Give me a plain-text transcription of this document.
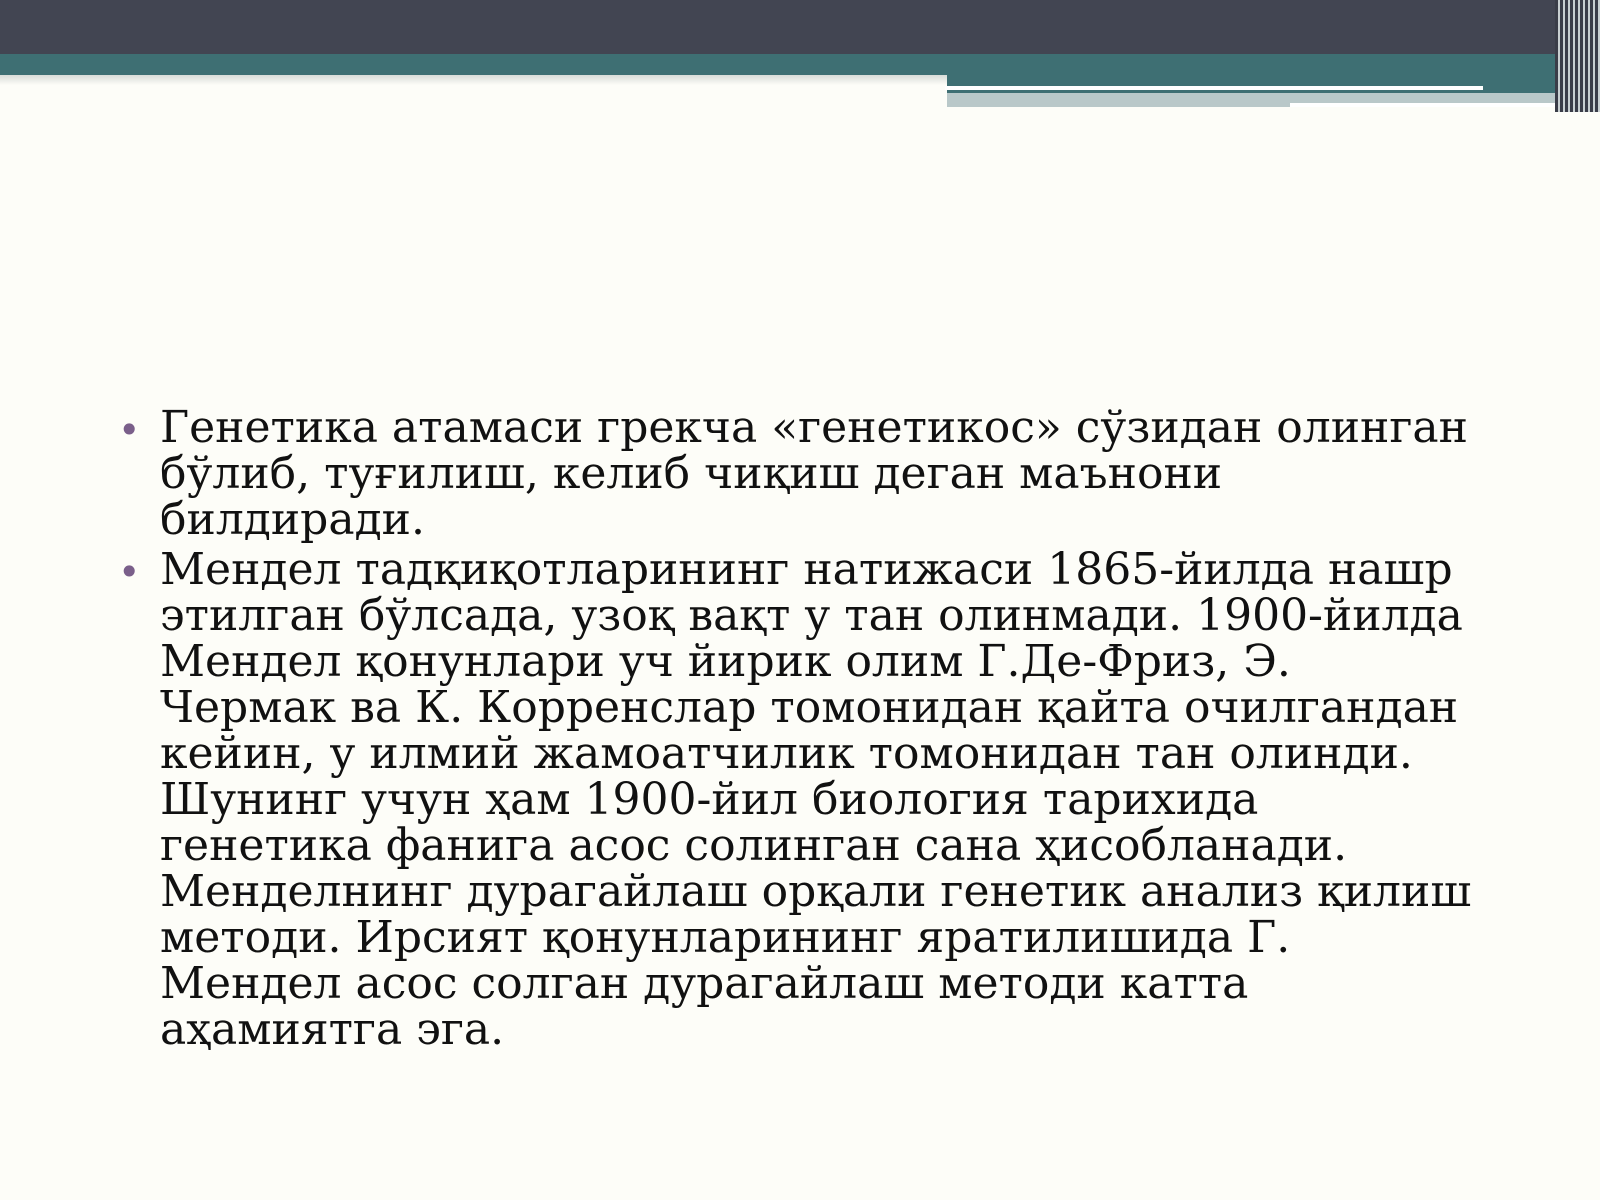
• Генетика атамаси грекча «генетикос» сўзидан олинган бўлиб, туғилиш, келиб чиқиш деган маънони билдиради.
• Мендел тадқиқотларининг натижаси 1865-йилда нашр этилган бўлсада, узоқ вақт у тан олинмади. 1900-йилда Мендел қонунлари уч йирик олим Г.Де-Фриз, Э. Чермак ва К. Корренслар томонидан қайта очилгандан кейин, у илмий жамоатчилик томонидан тан олинди. Шунинг учун ҳам 1900-йил биология тарихида генетика фанига асос солинган сана ҳисобланади. Менделнинг дурагайлаш орқали генетик анализ қилиш методи. Ирсият қонунларининг яратилишида Г. Мендел асос солган дурагайлаш методи катта аҳамиятга эга.
